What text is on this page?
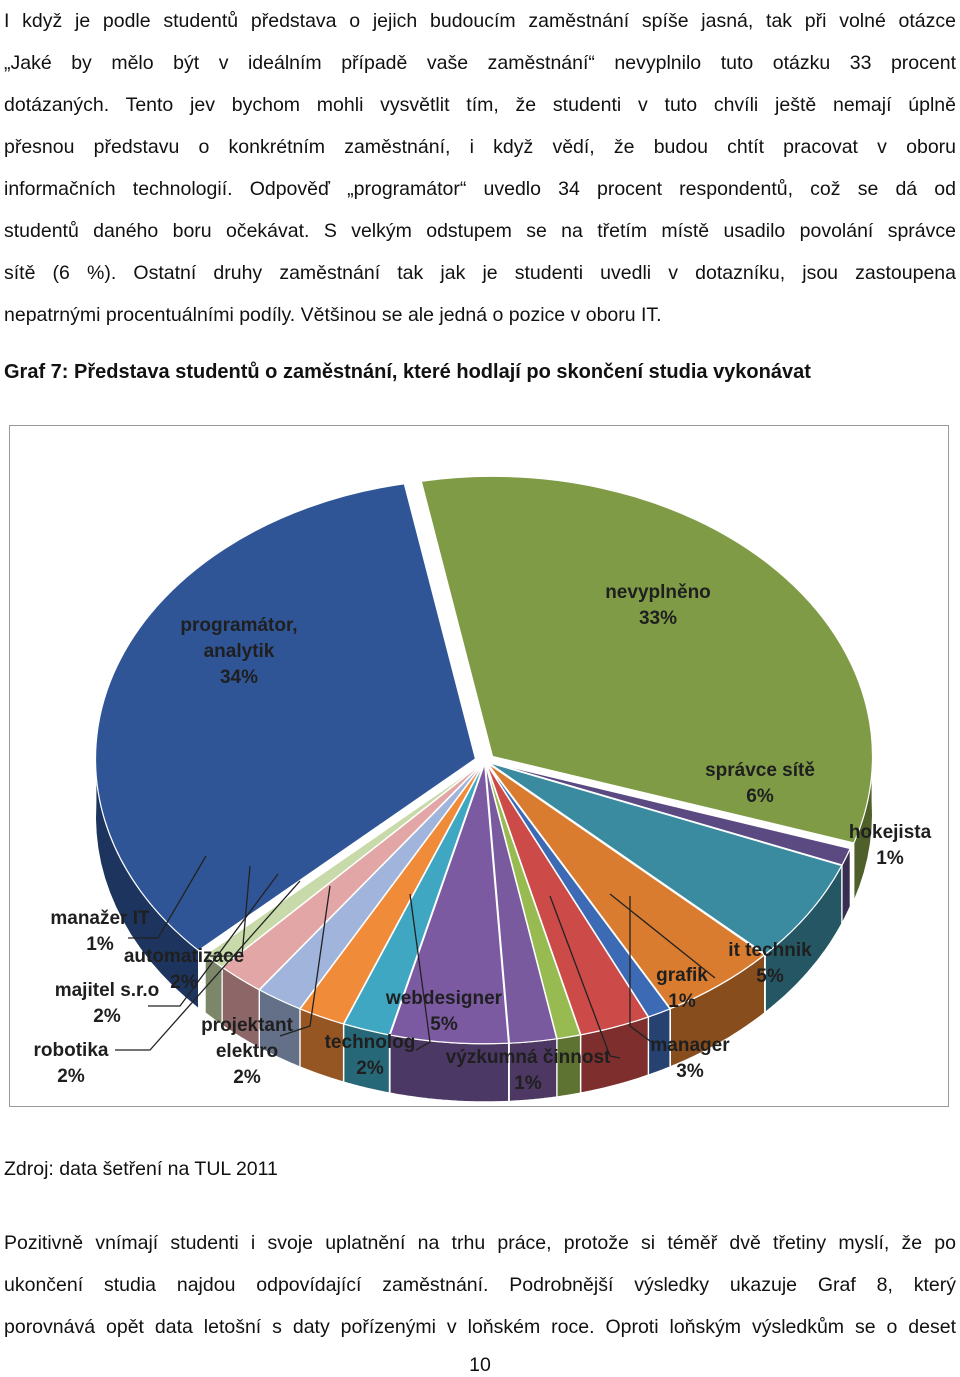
I když je podle studentů představa o jejich budoucím zaměstnání spíše jasná, tak při volné otázce
„Jaké by mělo být v ideálním případě vaše zaměstnání“ nevyplnilo tuto otázku 33 procent
dotázaných. Tento jev bychom mohli vysvětlit tím, že studenti v tuto chvíli ještě nemají úplně
přesnou představu o konkrétním zaměstnání, i když vědí, že budou chtít pracovat v oboru
informačních technologií. Odpověď „programátor“ uvedlo 34 procent respondentů, což se dá od
studentů daného boru očekávat. S velkým odstupem se na třetím místě usadilo povolání správce
sítě (6 %). Ostatní druhy zaměstnání tak jak je studenti uvedli v dotazníku, jsou zastoupena
nepatrnými procentuálními podíly. Většinou se ale jedná o pozice v oboru IT.
Graf 7: Představa studentů o zaměstnání, které hodlají po skončení studia vykonávat
nevyplněno 33%
hokejista 1%
správce sítě 6%
it technik 5%
grafik 1%
manager 3%
výzkumná činnost 1%
technolog 2%
webdesigner 5%
projektant elektro 2%
robotika 2%
majitel s.r.o 2%
automatizace 2%
manažer IT 1%
programátor, analytik 34%
Zdroj: data šetření na TUL 2011
Pozitivně vnímají studenti i svoje uplatnění na trhu práce, protože si téměř dvě třetiny myslí, že po
ukončení studia najdou odpovídající zaměstnání. Podrobnější výsledky ukazuje Graf 8, který
porovnává opět data letošní s daty pořízenými v loňském roce. Oproti loňským výsledkům se o deset
10
